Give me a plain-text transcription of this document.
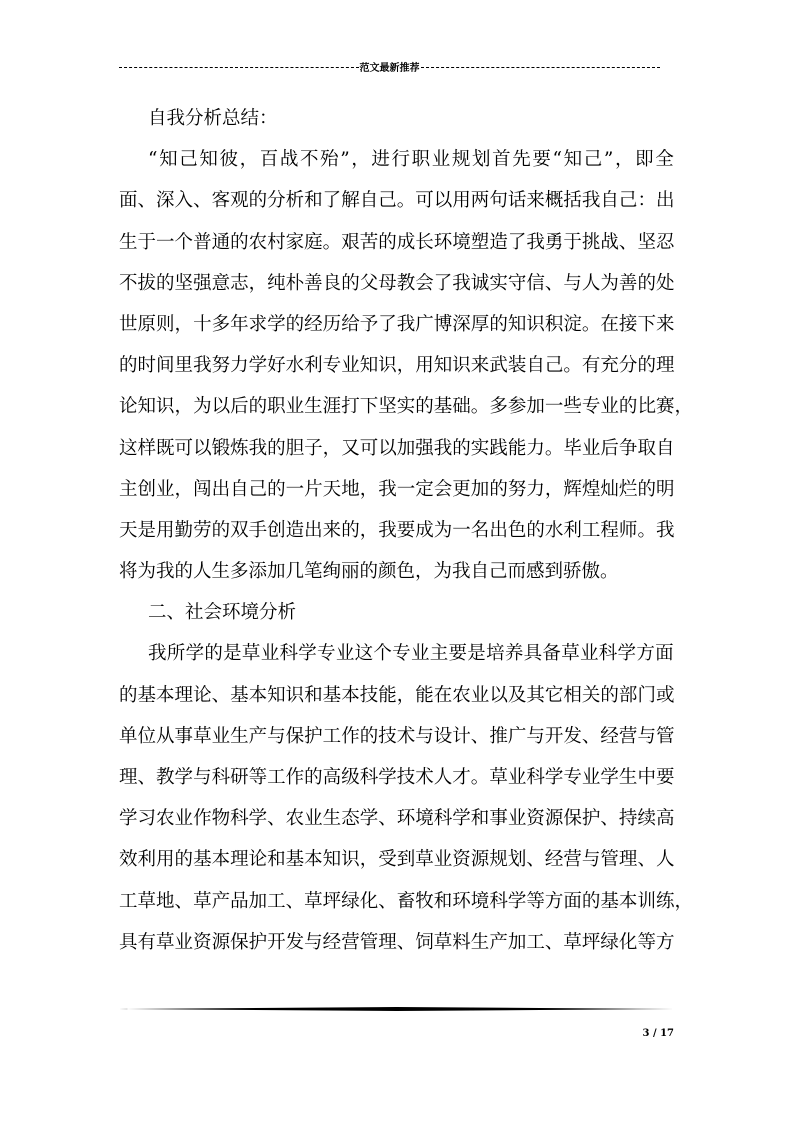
范文最新推荐
自我分析总结：
“ 知 己 知 彼 ， 百 战 不 殆 ” ， 进 行 职 业 规 划 首 先 要 “ 知 己 ” ， 即 全
面 、 深 入 、 客 观 的 分 析 和 了 解 自 己 。 可 以 用 两 句 话 来 概 括 我 自 己 ： 出
生 于 一 个 普 通 的 农 村 家 庭 。 艰 苦 的 成 长 环 境 塑 造 了 我 勇 于 挑 战 、 坚 忍
不 拔 的 坚 强 意 志 ， 纯 朴 善 良 的 父 母 教 会 了 我 诚 实 守 信 、 与 人 为 善 的 处
世 原 则 ， 十 多 年 求 学 的 经 历 给 予 了 我 广 博 深 厚 的 知 识 积 淀 。 在 接 下 来
的 时 间 里 我 努 力 学 好 水 利 专 业 知 识 ， 用 知 识 来 武 装 自 己 。 有 充 分 的 理
论 知 识 ， 为 以 后 的 职 业 生 涯 打 下 坚 实 的 基 础 。 多 参 加 一 些 专 业 的 比 赛 ，
这 样 既 可 以 锻 炼 我 的 胆 子 ， 又 可 以 加 强 我 的 实 践 能 力 。 毕 业 后 争 取 自
主 创 业 ， 闯 出 自 己 的 一 片 天 地 ， 我 一 定 会 更 加 的 努 力 ， 辉 煌 灿 烂 的 明
天 是 用 勤 劳 的 双 手 创 造 出 来 的 ， 我 要 成 为 一 名 出 色 的 水 利 工 程 师 。 我
将为我的人生多添加几笔绚丽的颜色，为我自己而感到骄傲。
二、社会环境分析
我 所 学 的 是 草 业 科 学 专 业 这 个 专 业 主 要 是 培 养 具 备 草 业 科 学 方 面
的 基 本 理 论 、 基 本 知 识 和 基 本 技 能 ， 能 在 农 业 以 及 其 它 相 关 的 部 门 或
单 位 从 事 草 业 生 产 与 保 护 工 作 的 技 术 与 设 计 、 推 广 与 开 发 、 经 营 与 管
理 、 教 学 与 科 研 等 工 作 的 高 级 科 学 技 术 人 才 。 草 业 科 学 专 业 学 生 中 要
学 习 农 业 作 物 科 学 、 农 业 生 态 学 、 环 境 科 学 和 事 业 资 源 保 护 、 持 续 高
效 利 用 的 基 本 理 论 和 基 本 知 识 ， 受 到 草 业 资 源 规 划 、 经 营 与 管 理 、 人
工 草 地 、 草 产 品 加 工 、 草 坪 绿 化 、 畜 牧 和 环 境 科 学 等 方 面 的 基 本 训 练 ，
具 有 草 业 资 源 保 护 开 发 与 经 营 管 理 、 饲 草 料 生 产 加 工 、 草 坪 绿 化 等 方
3 / 17
